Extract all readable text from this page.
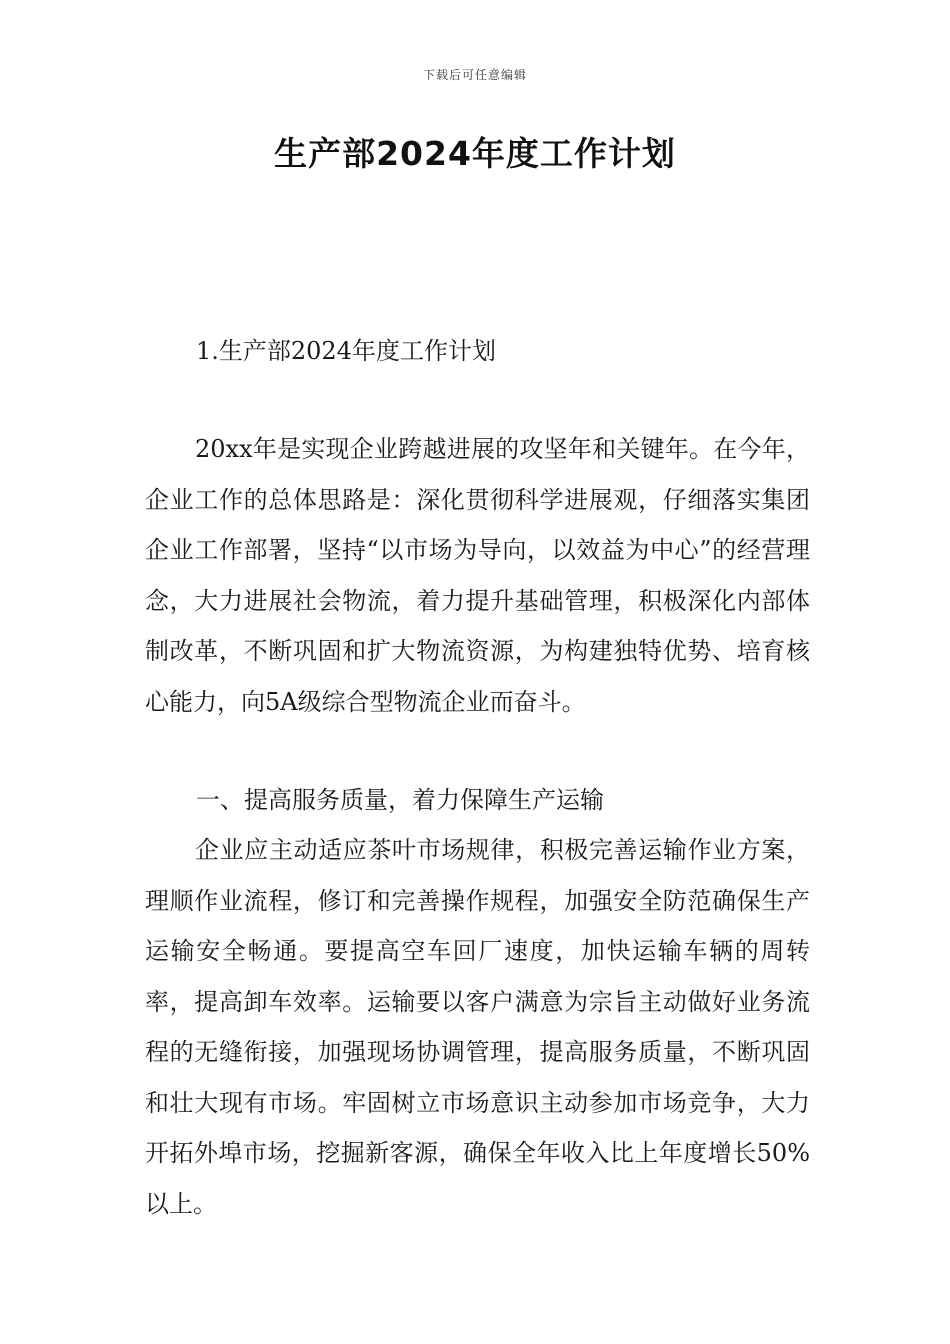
下载后可任意编辑
生产部2024年度工作计划
1.生产部2024年度工作计划

20xx年是实现企业跨越进展的攻坚年和关键年。在今年，企业工作的总体思路是：深化贯彻科学进展观，仔细落实集团企业工作部署，坚持“以市场为导向，以效益为中心”的经营理念，大力进展社会物流，着力提升基础管理，积极深化内部体制改革，不断巩固和扩大物流资源，为构建独特优势、培育核心能力，向5A级综合型物流企业而奋斗。

一、提高服务质量，着力保障生产运输

企业应主动适应茶叶市场规律，积极完善运输作业方案，理顺作业流程，修订和完善操作规程，加强安全防范确保生产运输安全畅通。要提高空车回厂速度，加快运输车辆的周转率，提高卸车效率。运输要以客户满意为宗旨主动做好业务流程的无缝衔接，加强现场协调管理，提高服务质量，不断巩固和壮大现有市场。牢固树立市场意识主动参加市场竞争，大力开拓外埠市场，挖掘新客源，确保全年收入比上年度增长50%以上。
